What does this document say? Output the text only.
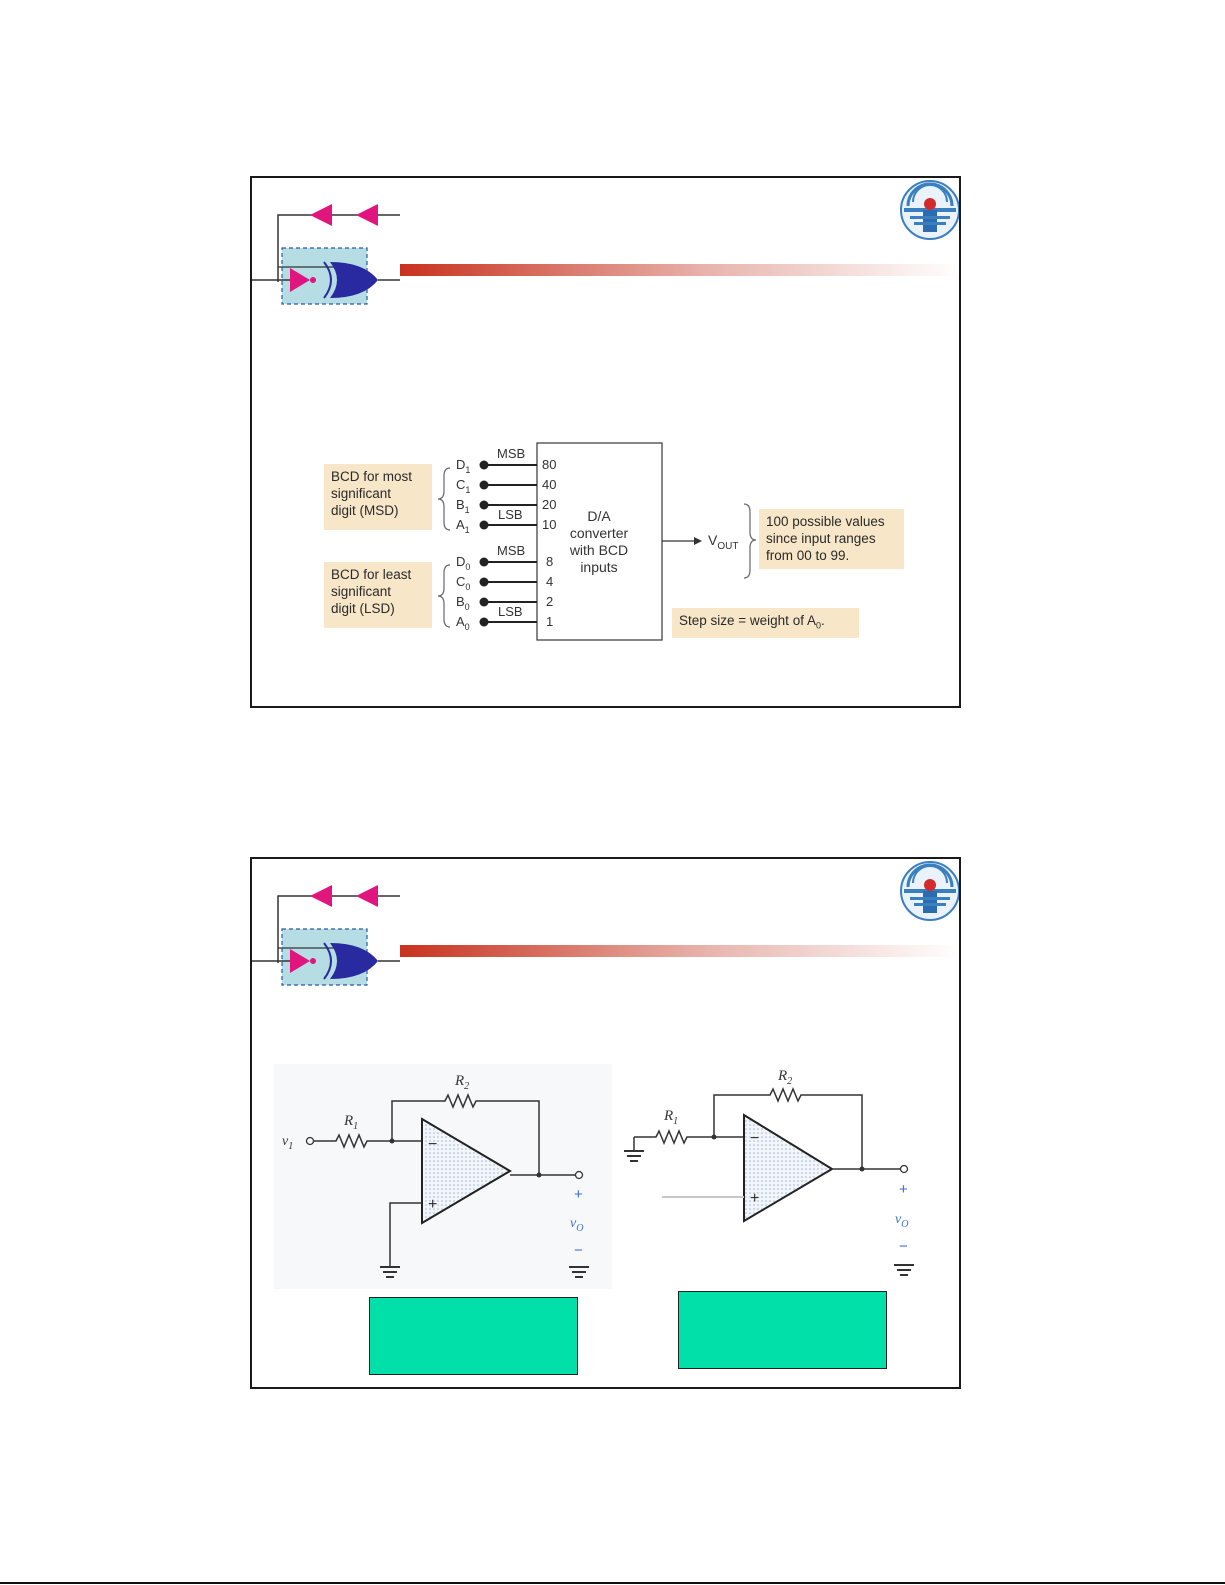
D/A
converter
with BCD
inputs
MSB
LSB
$D_1$	80
$C_1$	40
$B_1$	20
$A_1$	10
MSB
LSB
$D_0$	8
$C_0$	4
$B_0$	2
$A_0$	1
$V_{OUT}$
BCD for most
significant
digit (MSD)
BCD for least
significant
digit (LSD)
100 possible values
since input ranges
from 00 to 99.
Step size = weight of $A_0$.
$v_1$
$R_1$
$R_2$
−
+
+
$v_O$
−
$R_1$
$R_2$
−
+
+
$v_O$
−
